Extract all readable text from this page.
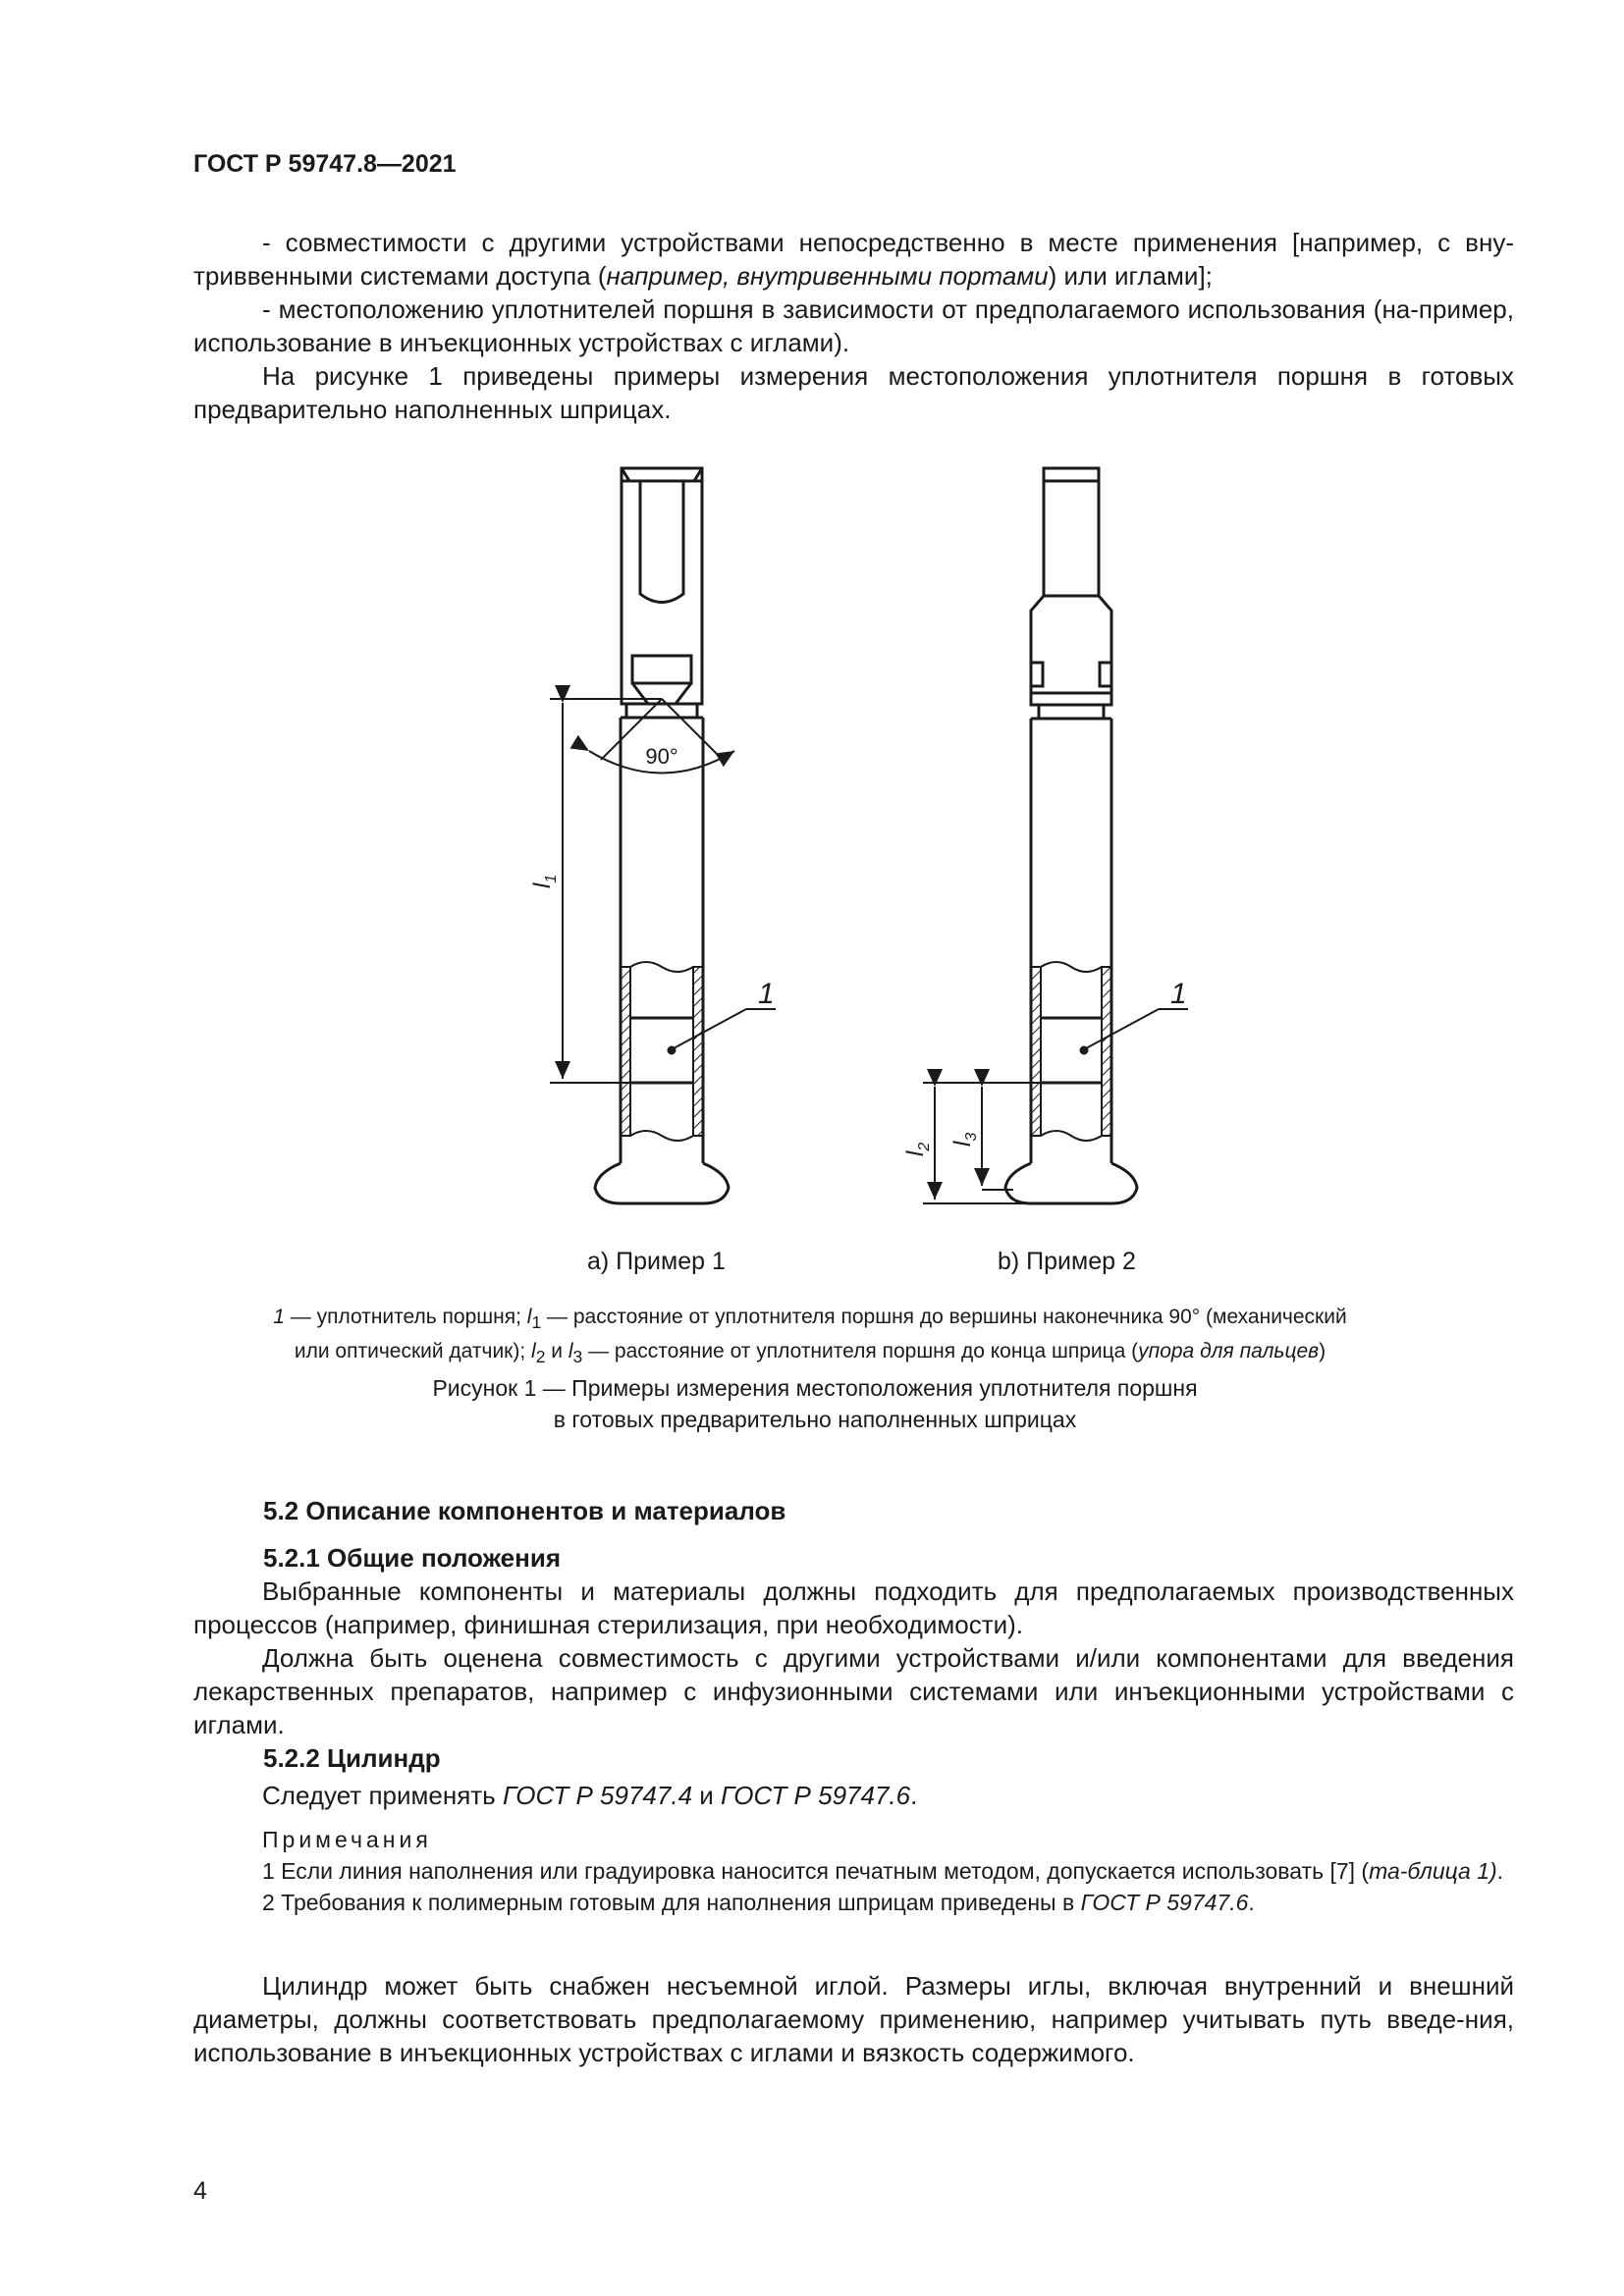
ГОСТ Р 59747.8—2021

- совместимости с другими устройствами непосредственно в месте применения [например, с вну-триввенными системами доступа (например, внутривенными портами) или иглами];

- местоположению уплотнителей поршня в зависимости от предполагаемого использования (на-пример, использование в инъекционных устройствах с иглами).

На рисунке 1 приведены примеры измерения местоположения уплотнителя поршня в готовых предварительно наполненных шприцах.

90°
$l_1$
$l_2$ $l_3$
1	1
a) Пример 1	b) Пример 2
1 — уплотнитель поршня; $l_1$ — расстояние от уплотнителя поршня до вершины наконечника 90° (механический или оптический датчик); $l_2$ и $l_3$ — расстояние от уплотнителя поршня до конца шприца (упора для пальцев)
Рисунок 1 — Примеры измерения местоположения уплотнителя поршня
в готовых предварительно наполненных шприцах
5.2 Описание компонентов и материалов
5.2.1 Общие положения

Выбранные компоненты и материалы должны подходить для предполагаемых производственных процессов (например, финишная стерилизация, при необходимости).

Должна быть оценена совместимость с другими устройствами и/или компонентами для введения лекарственных препаратов, например с инфузионными системами или инъекционными устройствами с иглами.

5.2.2 Цилиндр

Следует применять ГОСТ Р 59747.4 и ГОСТ Р 59747.6.

Примечания

1 Если линия наполнения или градуировка наносится печатным методом, допускается использовать [7] (та-блица 1).

2 Требования к полимерным готовым для наполнения шприцам приведены в ГОСТ Р 59747.6.

Цилиндр может быть снабжен несъемной иглой. Размеры иглы, включая внутренний и внешний диаметры, должны соответствовать предполагаемому применению, например учитывать путь введе-ния, использование в инъекционных устройствах с иглами и вязкость содержимого.

4
